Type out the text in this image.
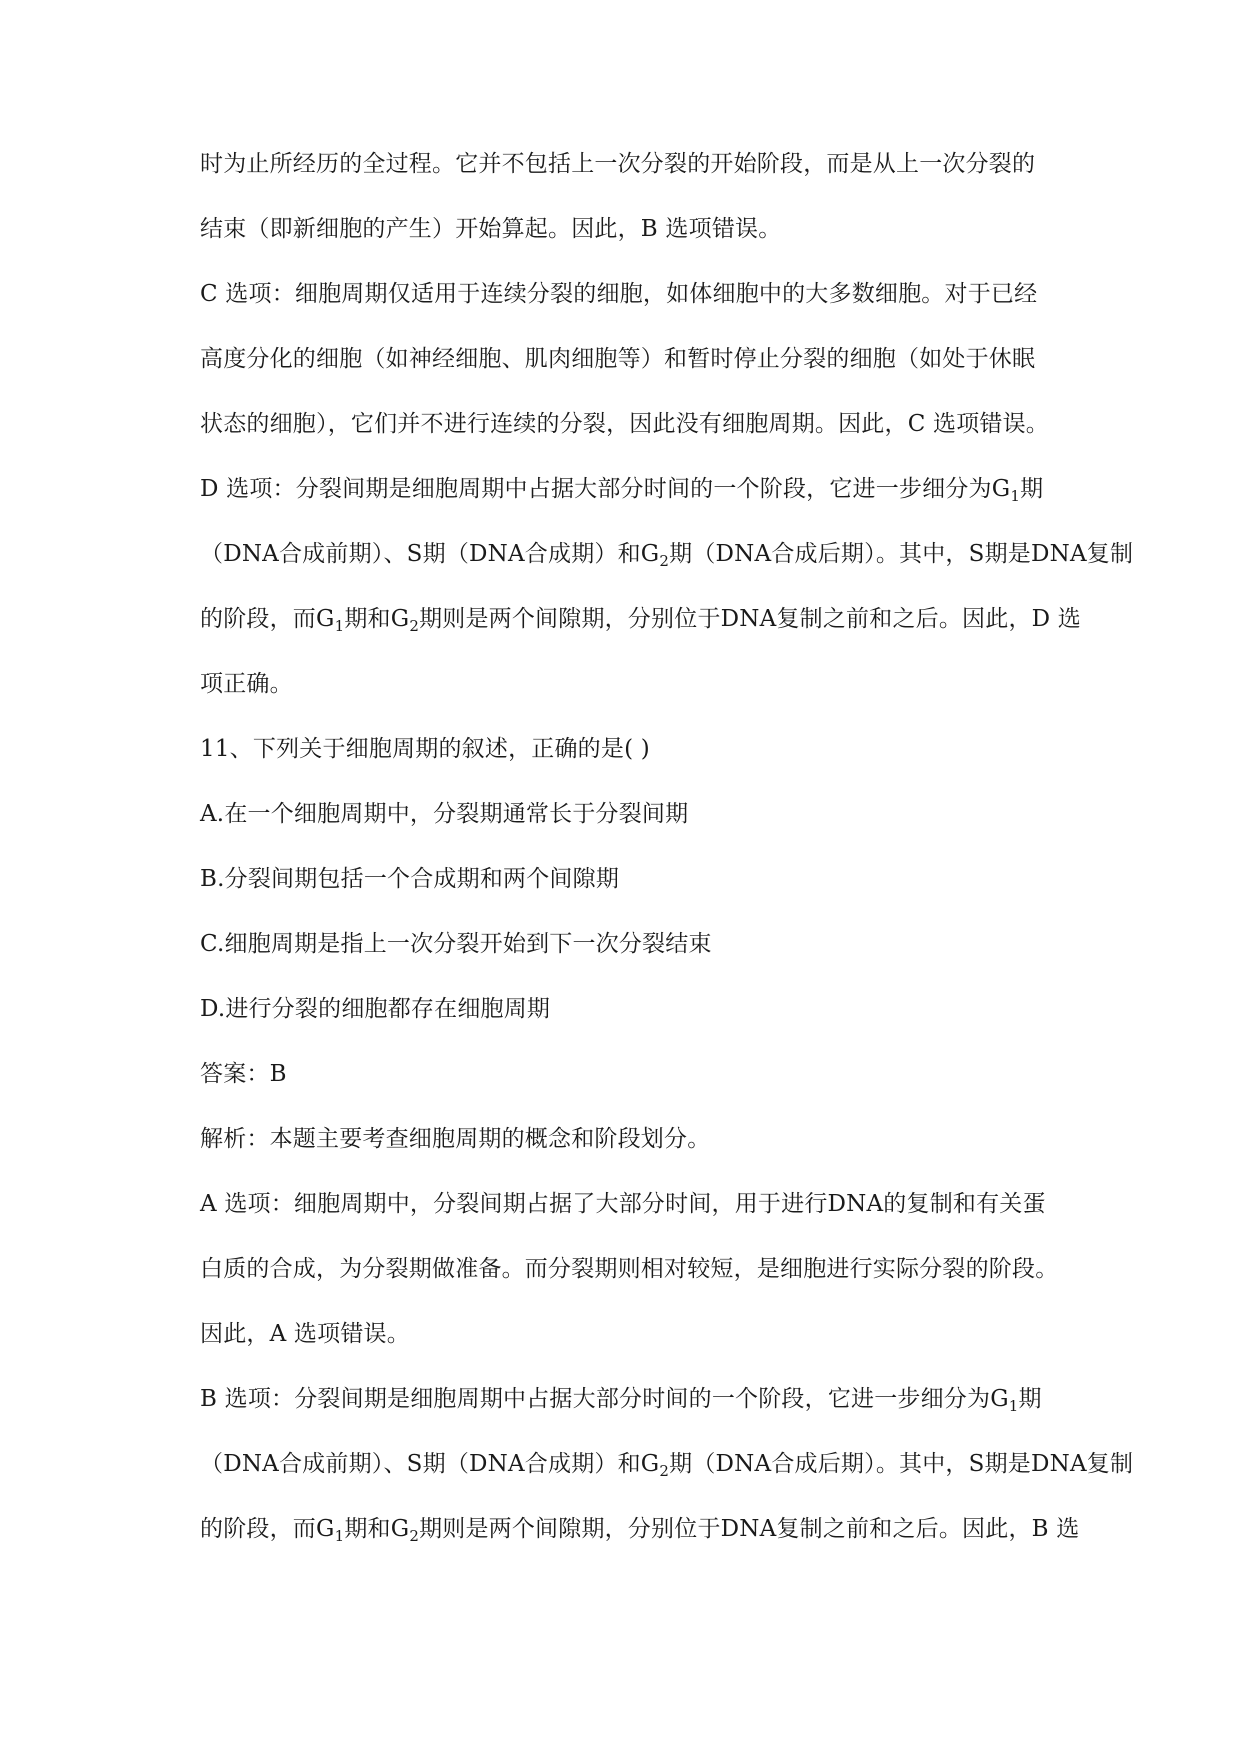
时为止所经历的全过程。它并不包括上一次分裂的开始阶段，而是从上一次分裂的
结束（即新细胞的产生）开始算起。因此，B 选项错误。
C 选项：细胞周期仅适用于连续分裂的细胞，如体细胞中的大多数细胞。对于已经
高度分化的细胞（如神经细胞、肌肉细胞等）和暂时停止分裂的细胞（如处于休眠
状态的细胞），它们并不进行连续的分裂，因此没有细胞周期。因此，C 选项错误。
D 选项：分裂间期是细胞周期中占据大部分时间的一个阶段，它进一步细分为$G_1$期
（DNA合成前期）、S期（DNA合成期）和$G_2$期（DNA合成后期）。其中，S期是DNA复制
的阶段，而$G_1$期和$G_2$期则是两个间隙期，分别位于DNA复制之前和之后。因此，D 选
项正确。
11、下列关于细胞周期的叙述，正确的是( )
A.在一个细胞周期中，分裂期通常长于分裂间期
B.分裂间期包括一个合成期和两个间隙期
C.细胞周期是指上一次分裂开始到下一次分裂结束
D.进行分裂的细胞都存在细胞周期
答案：B
解析：本题主要考查细胞周期的概念和阶段划分。
A 选项：细胞周期中，分裂间期占据了大部分时间，用于进行DNA的复制和有关蛋
白质的合成，为分裂期做准备。而分裂期则相对较短，是细胞进行实际分裂的阶段。
因此，A 选项错误。
B 选项：分裂间期是细胞周期中占据大部分时间的一个阶段，它进一步细分为$G_1$期
（DNA合成前期）、S期（DNA合成期）和$G_2$期（DNA合成后期）。其中，S期是DNA复制
的阶段，而$G_1$期和$G_2$期则是两个间隙期，分别位于DNA复制之前和之后。因此，B 选
